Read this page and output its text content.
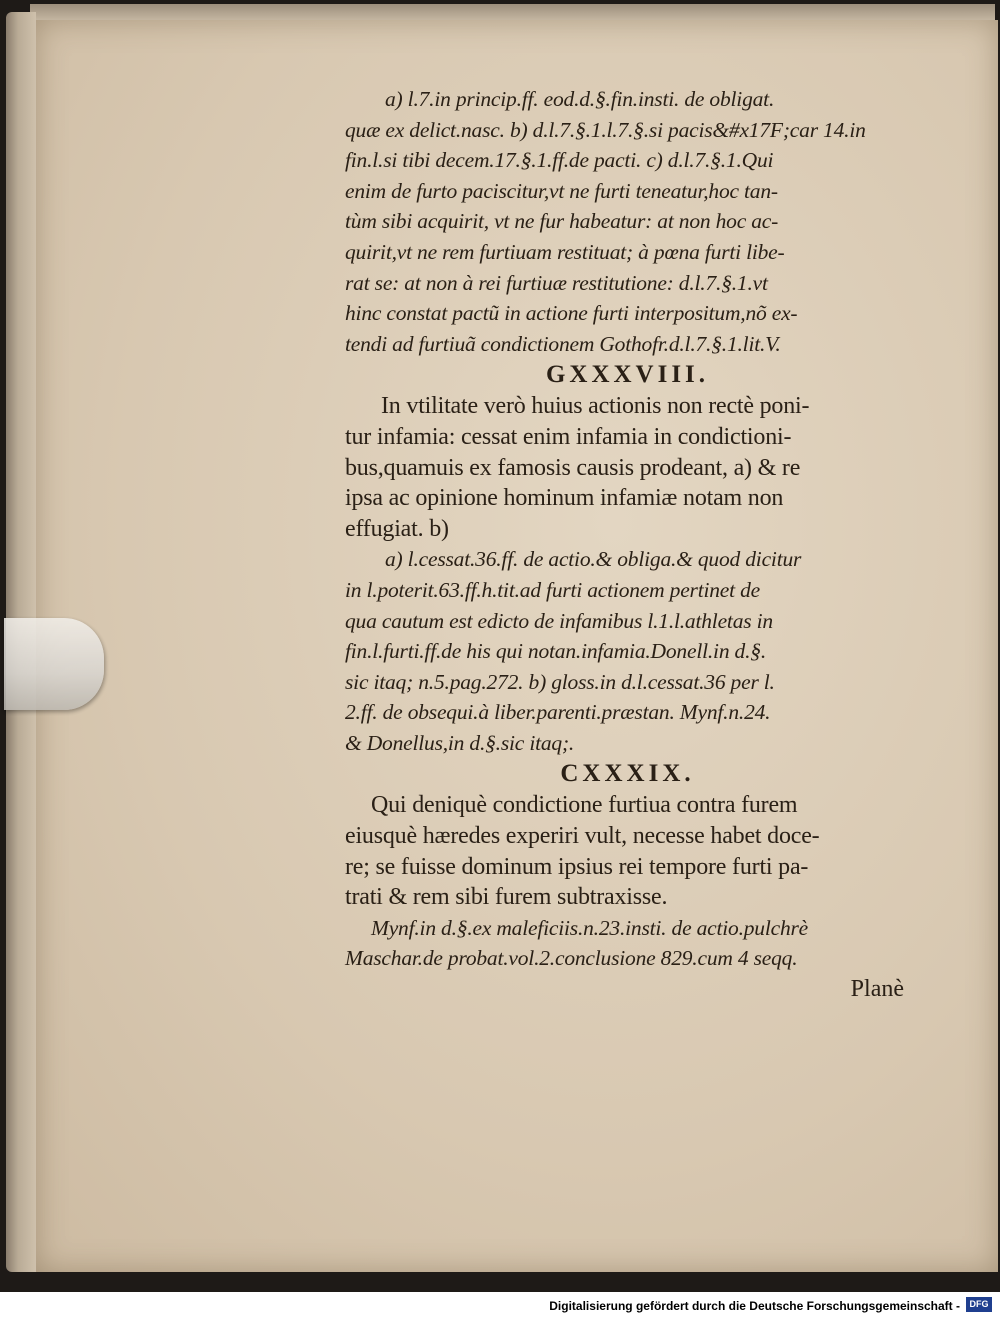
a) l.7.in princip.ff. eod.d.§.fin.insti. de obligat.

quæ ex delict.nasc. b) d.l.7.§.1.l.7.§.si pacis&#x17F;car 14.in

fin.l.si tibi decem.17.§.1.ff.de pacti. c) d.l.7.§.1.Qui

enim de furto paciscitur,vt ne furti teneatur,hoc tan-

tùm sibi acquirit, vt ne fur habeatur: at non hoc ac-

quirit,vt ne rem furtiuam restituat; à pœna furti libe-

rat se: at non à rei furtiuæ restitutione: d.l.7.§.1.vt

hinc constat pactũ in actione furti interpositum,nõ ex-

tendi ad furtiuã condictionem Gothofr.d.l.7.§.1.lit.V.

GXXXVIII.

In vtilitate verò huius actionis non rectè poni-

tur infamia: cessat enim infamia in condictioni-

bus,quamuis ex famosis causis prodeant, a) & re

ipsa ac opinione hominum infamiæ notam non

effugiat. b)

a) l.cessat.36.ff. de actio.& obliga.& quod dicitur

in l.poterit.63.ff.h.tit.ad furti actionem pertinet de

qua cautum est edicto de infamibus l.1.l.athletas in

fin.l.furti.ff.de his qui notan.infamia.Donell.in d.§.

sic itaq; n.5.pag.272. b) gloss.in d.l.cessat.36 per l.

2.ff. de obsequi.à liber.parenti.præstan. Mynf.n.24.

& Donellus,in d.§.sic itaq;.

CXXXIX.

Qui deniquè condictione furtiua contra furem

eiusquè hæredes experiri vult, necesse habet doce-

re; se fuisse dominum ipsius rei tempore furti pa-

trati & rem sibi furem subtraxisse.

Mynf.in d.§.ex maleficiis.n.23.insti. de actio.pulchrè

Maschar.de probat.vol.2.conclusione 829.cum 4 seqq.

Planè
Digitalisierung gefördert durch die Deutsche Forschungsgemeinschaft -	DFG
